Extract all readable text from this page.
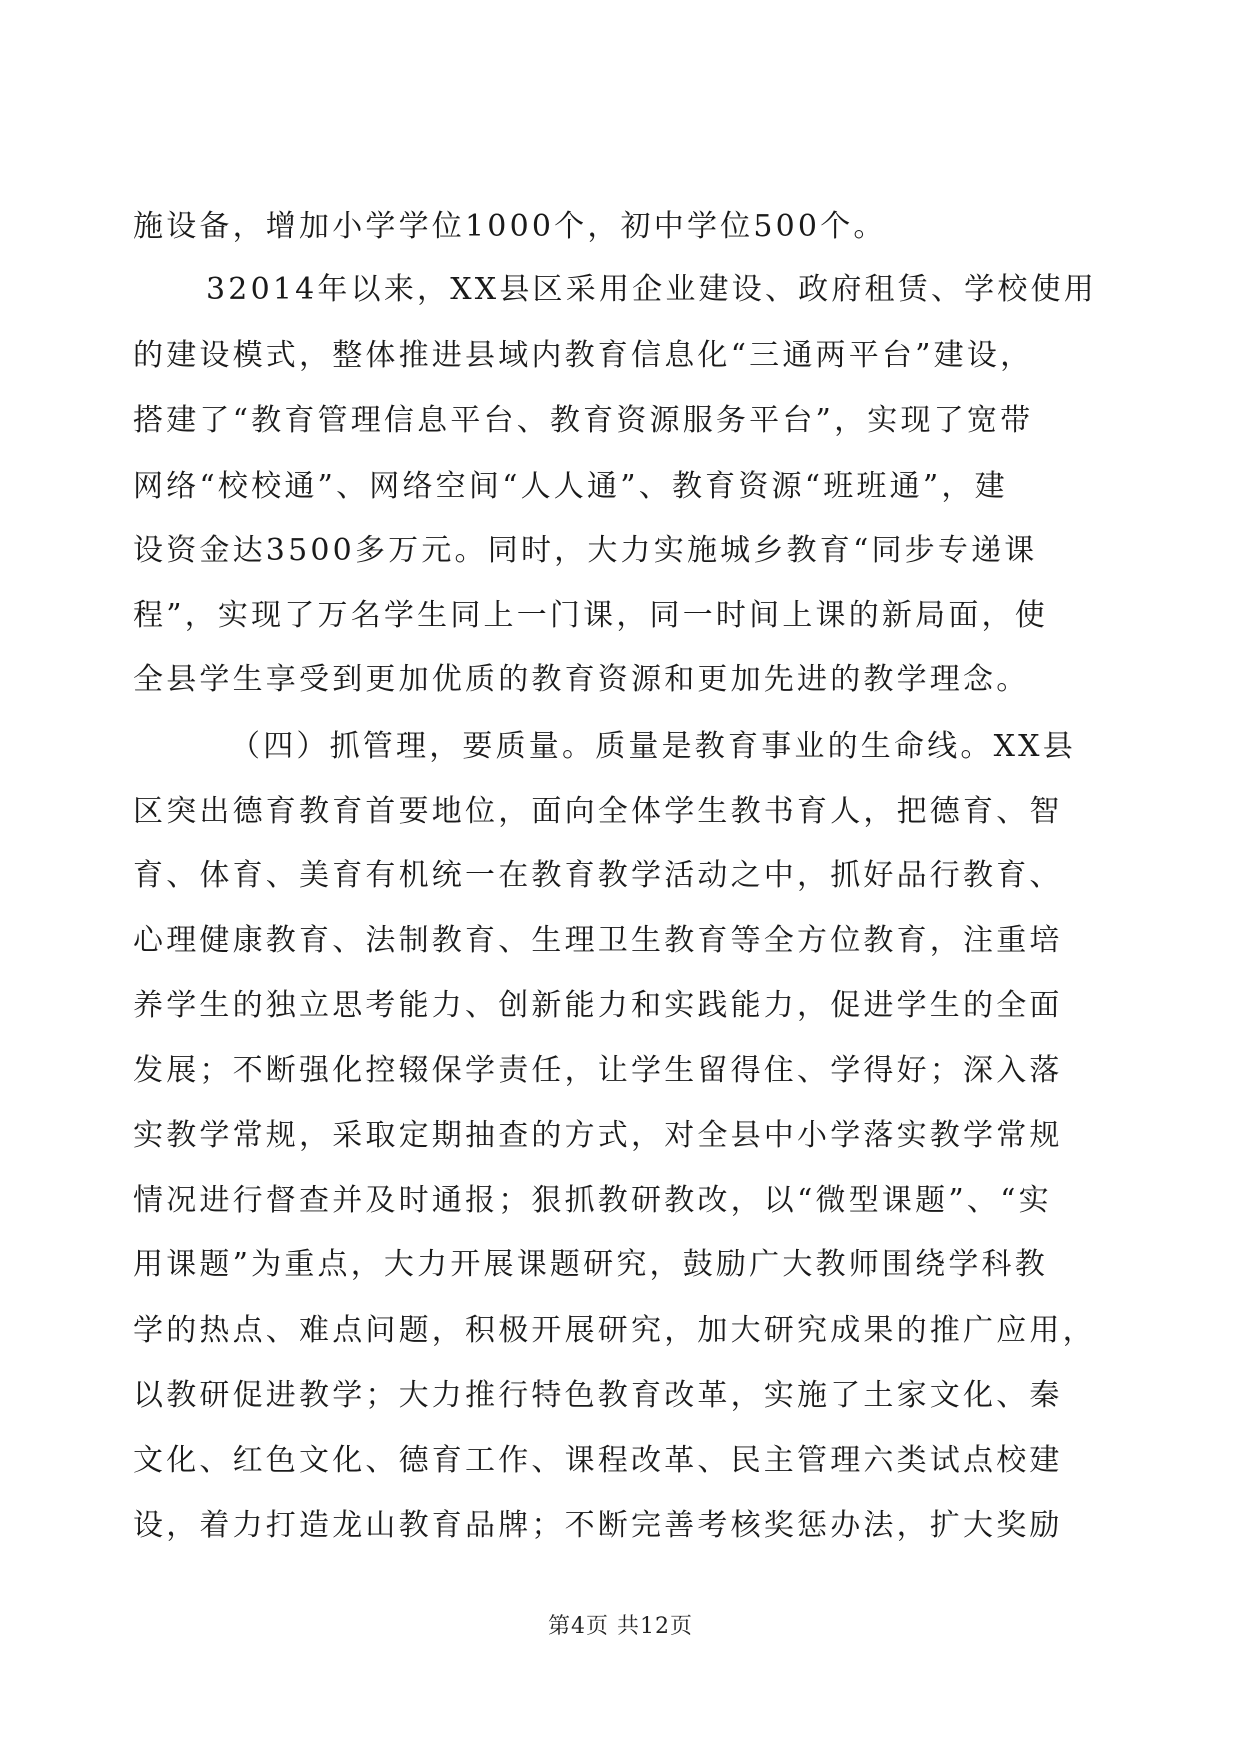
施设备，增加小学学位1000个，初中学位500个。
32014年以来，XX县区采用企业建设、政府租赁、学校使用
的建设模式，整体推进县域内教育信息化“三通两平台”建设，
搭建了“教育管理信息平台、教育资源服务平台”，实现了宽带
网络“校校通”、网络空间“人人通”、教育资源“班班通”，建
设资金达3500多万元。同时，大力实施城乡教育“同步专递课
程”，实现了万名学生同上一门课，同一时间上课的新局面，使
全县学生享受到更加优质的教育资源和更加先进的教学理念。
（四）抓管理，要质量。质量是教育事业的生命线。XX县
区突出德育教育首要地位，面向全体学生教书育人，把德育、智
育、体育、美育有机统一在教育教学活动之中，抓好品行教育、
心理健康教育、法制教育、生理卫生教育等全方位教育，注重培
养学生的独立思考能力、创新能力和实践能力，促进学生的全面
发展；不断强化控辍保学责任，让学生留得住、学得好；深入落
实教学常规，采取定期抽查的方式，对全县中小学落实教学常规
情况进行督查并及时通报；狠抓教研教改，以“微型课题”、“实
用课题”为重点，大力开展课题研究，鼓励广大教师围绕学科教
学的热点、难点问题，积极开展研究，加大研究成果的推广应用，
以教研促进教学；大力推行特色教育改革，实施了土家文化、秦
文化、红色文化、德育工作、课程改革、民主管理六类试点校建
设，着力打造龙山教育品牌；不断完善考核奖惩办法，扩大奖励
第4页 共12页
